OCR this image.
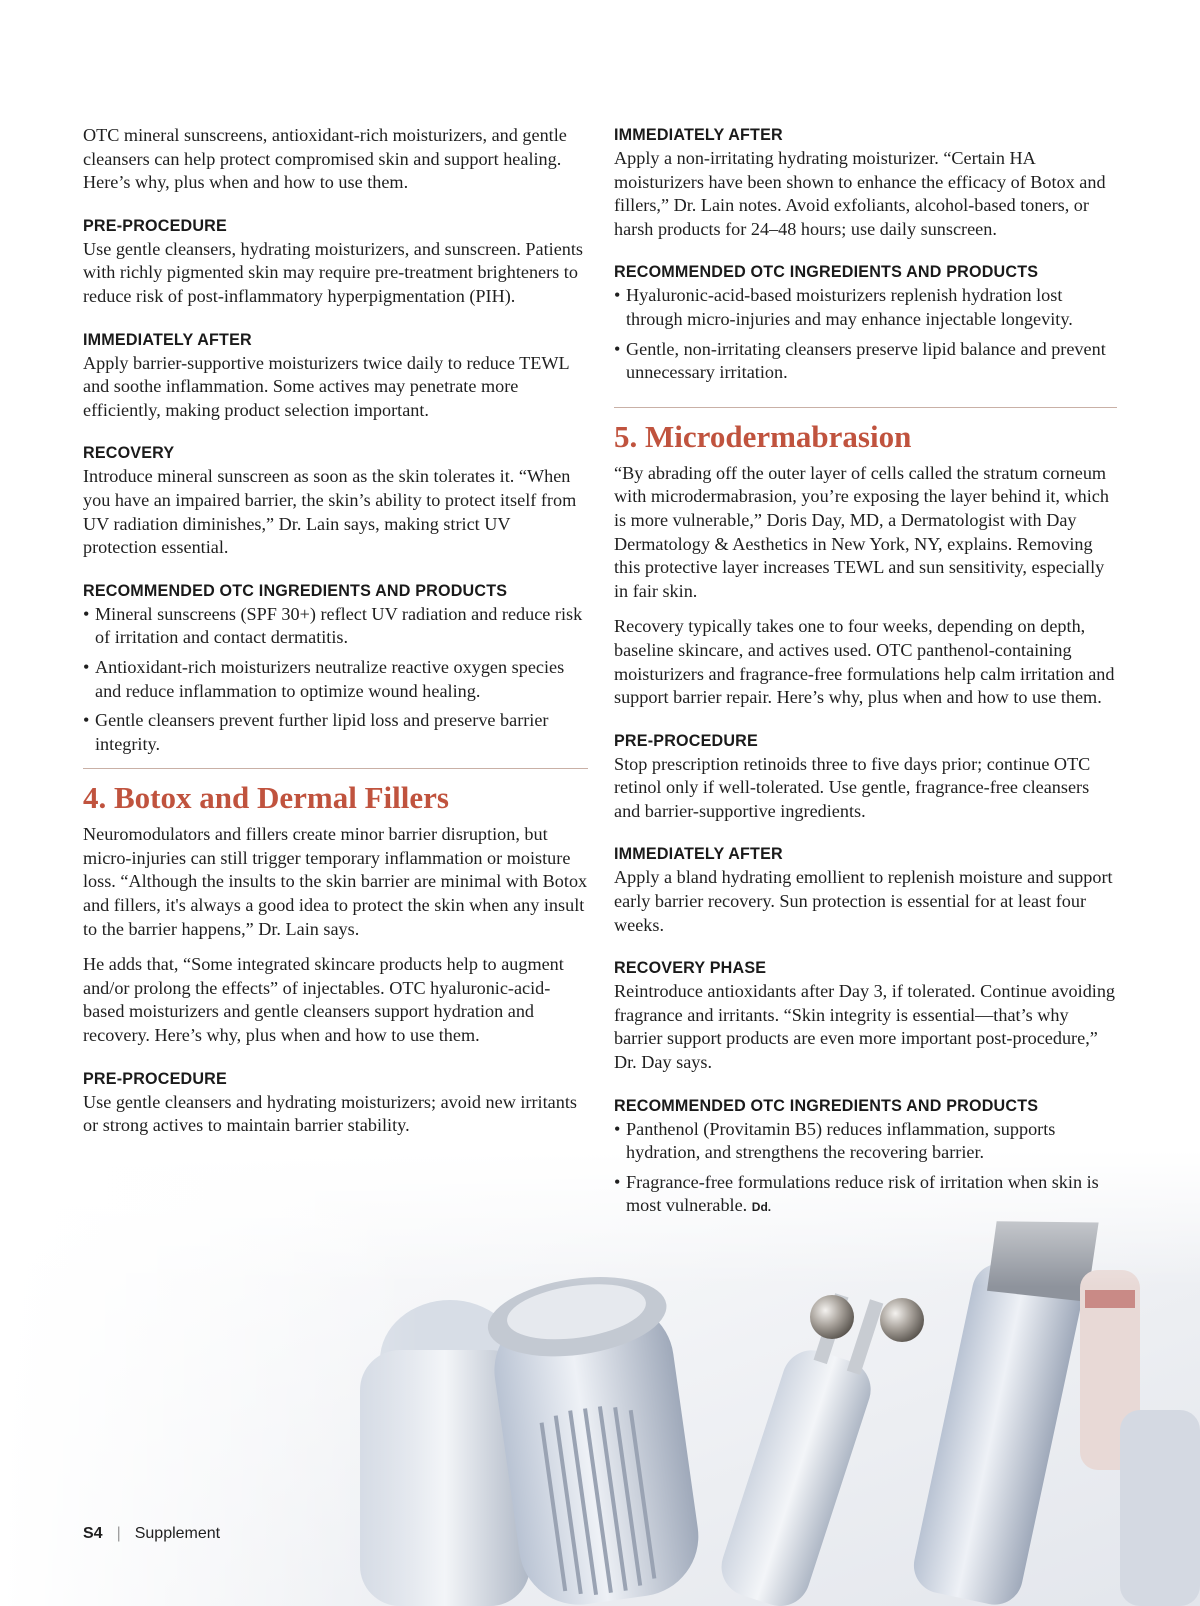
OTC mineral sunscreens, antioxidant-rich moisturizers, and gentle cleansers can help protect compromised skin and support healing. Here’s why, plus when and how to use them.

PRE-PROCEDURE

Use gentle cleansers, hydrating moisturizers, and sunscreen. Patients with richly pigmented skin may require pre-treatment brighteners to reduce risk of post-inflammatory hyperpigmentation (PIH).

IMMEDIATELY AFTER

Apply barrier-supportive moisturizers twice daily to reduce TEWL and soothe inflammation. Some actives may penetrate more efficiently, making product selection important.

RECOVERY

Introduce mineral sunscreen as soon as the skin tolerates it. “When you have an impaired barrier, the skin’s ability to protect itself from UV radiation diminishes,” Dr. Lain says, making strict UV protection essential.

RECOMMENDED OTC INGREDIENTS AND PRODUCTS
• Mineral sunscreens (SPF 30+) reflect UV radiation and reduce risk of irritation and contact dermatitis.
• Antioxidant-rich moisturizers neutralize reactive oxygen species and reduce inflammation to optimize wound healing.
• Gentle cleansers prevent further lipid loss and preserve barrier integrity.
4. Botox and Dermal Fillers

Neuromodulators and fillers create minor barrier disruption, but micro-injuries can still trigger temporary inflammation or moisture loss. “Although the insults to the skin barrier are minimal with Botox and fillers, it's always a good idea to protect the skin when any insult to the barrier happens,” Dr. Lain says.

He adds that, “Some integrated skincare products help to augment and/or prolong the effects” of injectables. OTC hyaluronic-acid-based moisturizers and gentle cleansers support hydration and recovery. Here’s why, plus when and how to use them.

PRE-PROCEDURE

Use gentle cleansers and hydrating moisturizers; avoid new irritants or strong actives to maintain barrier stability.

IMMEDIATELY AFTER

Apply a non-irritating hydrating moisturizer. “Certain HA moisturizers have been shown to enhance the efficacy of Botox and fillers,” Dr. Lain notes. Avoid exfoliants, alcohol-based toners, or harsh products for 24–48 hours; use daily sunscreen.

RECOMMENDED OTC INGREDIENTS AND PRODUCTS
• Hyaluronic-acid-based moisturizers replenish hydration lost through micro-injuries and may enhance injectable longevity.
• Gentle, non-irritating cleansers preserve lipid balance and prevent unnecessary irritation.
5. Microdermabrasion

“By abrading off the outer layer of cells called the stratum corneum with microdermabrasion, you’re exposing the layer behind it, which is more vulnerable,” Doris Day, MD, a Dermatologist with Day Dermatology & Aesthetics in New York, NY, explains. Removing this protective layer increases TEWL and sun sensitivity, especially in fair skin.

Recovery typically takes one to four weeks, depending on depth, baseline skincare, and actives used. OTC panthenol-containing moisturizers and fragrance-free formulations help calm irritation and support barrier repair. Here’s why, plus when and how to use them.

PRE-PROCEDURE

Stop prescription retinoids three to five days prior; continue OTC retinol only if well-tolerated. Use gentle, fragrance-free cleansers and barrier-supportive ingredients.

IMMEDIATELY AFTER

Apply a bland hydrating emollient to replenish moisture and support early barrier recovery. Sun protection is essential for at least four weeks.

RECOVERY PHASE

Reintroduce antioxidants after Day 3, if tolerated. Continue avoiding fragrance and irritants. “Skin integrity is essential—that’s why barrier support products are even more important post-procedure,” Dr. Day says.

RECOMMENDED OTC INGREDIENTS AND PRODUCTS
• Panthenol (Provitamin B5) reduces inflammation, supports hydration, and strengthens the recovering barrier.
• Fragrance-free formulations reduce risk of irritation when skin is most vulnerable. Dd.
S4 | Supplement
